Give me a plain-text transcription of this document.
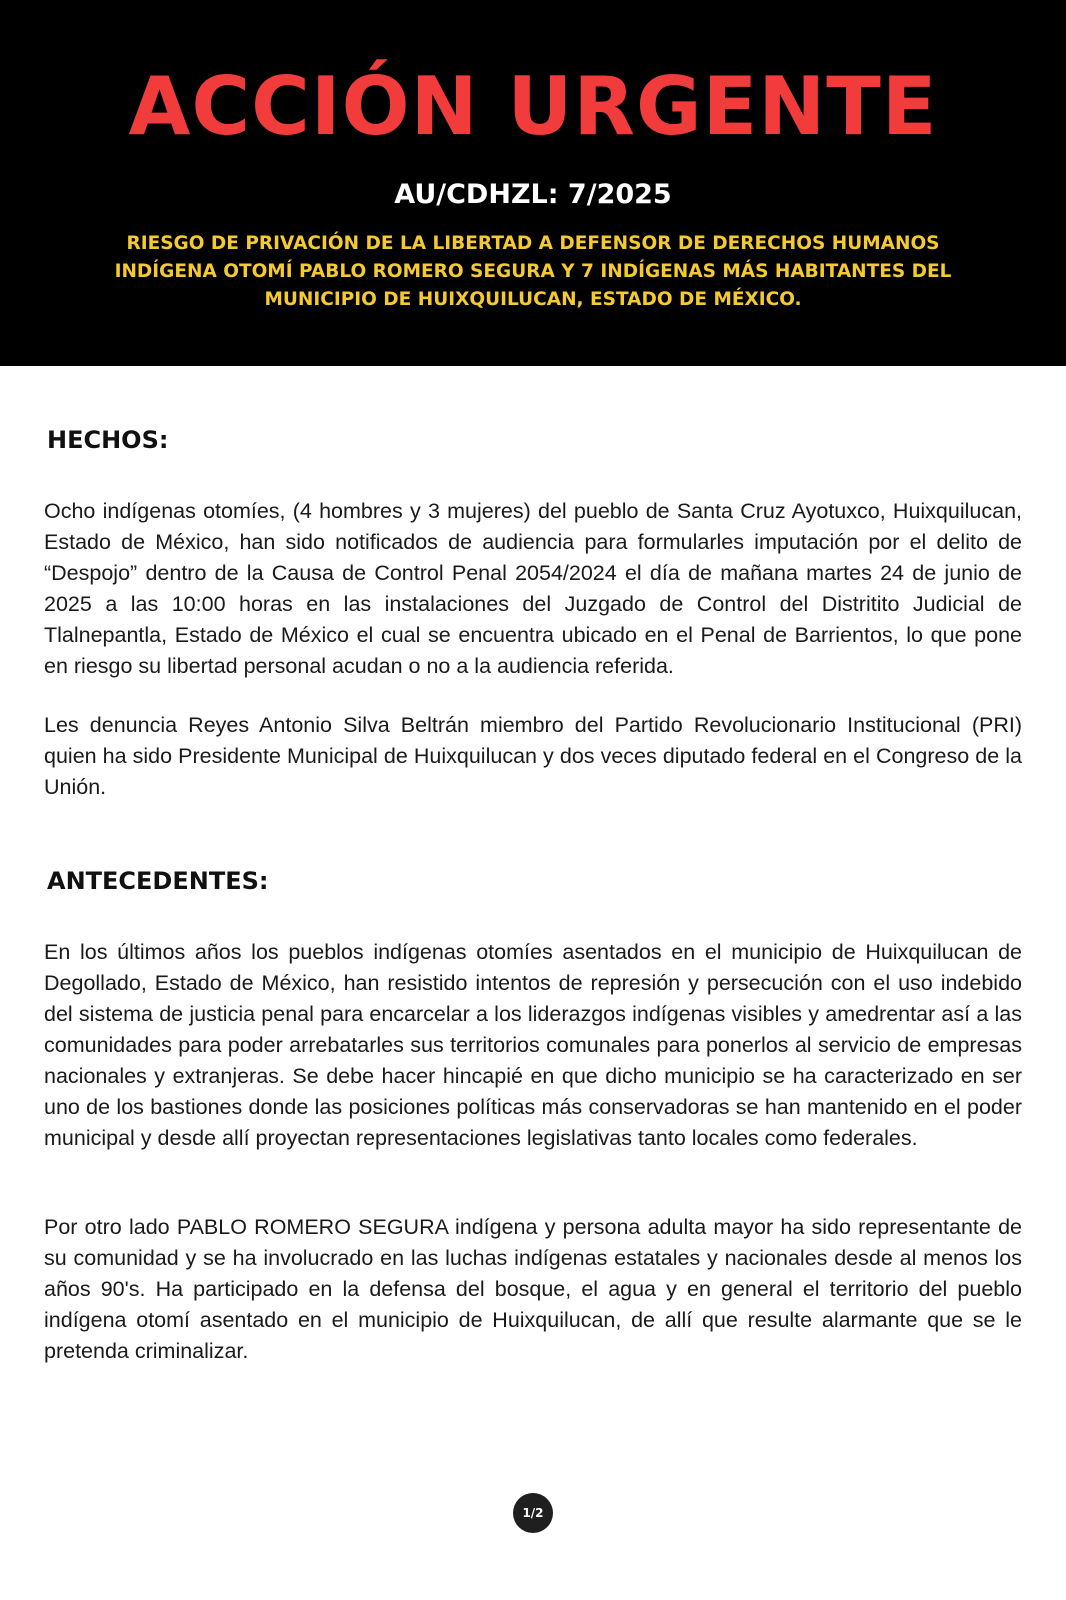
ACCIÓN URGENTE
AU/CDHZL: 7/2025
RIESGO DE PRIVACIÓN DE LA LIBERTAD A DEFENSOR DE DERECHOS HUMANOS INDÍGENA OTOMÍ PABLO ROMERO SEGURA Y 7 INDÍGENAS MÁS HABITANTES DEL MUNICIPIO DE HUIXQUILUCAN, ESTADO DE MÉXICO.
HECHOS:

Ocho indígenas otomíes, (4 hombres y 3 mujeres) del pueblo de Santa Cruz Ayotuxco, Huixquilucan, Estado de México, han sido notificados de audiencia para formularles imputación por el delito de “Despojo” dentro de la Causa de Control Penal 2054/2024 el día de mañana martes 24 de junio de 2025 a las 10:00 horas en las instalaciones del Juzgado de Control del Distritito Judicial de Tlalnepantla, Estado de México el cual se encuentra ubicado en el Penal de Barrientos, lo que pone en riesgo su libertad personal acudan o no a la audiencia referida.

Les denuncia Reyes Antonio Silva Beltrán miembro del Partido Revolucionario Institucional (PRI) quien ha sido Presidente Municipal de Huixquilucan y dos veces diputado federal en el Congreso de la Unión.

ANTECEDENTES:

En los últimos años los pueblos indígenas otomíes asentados en el municipio de Huixquilucan de Degollado, Estado de México, han resistido intentos de represión y persecución con el uso indebido del sistema de justicia penal para encarcelar a los liderazgos indígenas visibles y amedrentar así a las comunidades para poder arrebatarles sus territorios comunales para ponerlos al servicio de empresas nacionales y extranjeras. Se debe hacer hincapié en que dicho municipio se ha caracterizado en ser uno de los bastiones donde las posiciones políticas más conservadoras se han mantenido en el poder municipal y desde allí proyectan representaciones legislativas tanto locales como federales.

Por otro lado PABLO ROMERO SEGURA indígena y persona adulta mayor ha sido representante de su comunidad y se ha involucrado en las luchas indígenas estatales y nacionales desde al menos los años 90's. Ha participado en la defensa del bosque, el agua y en general el territorio del pueblo indígena otomí asentado en el municipio de Huixquilucan, de allí que resulte alarmante que se le pretenda criminalizar.

1/2
